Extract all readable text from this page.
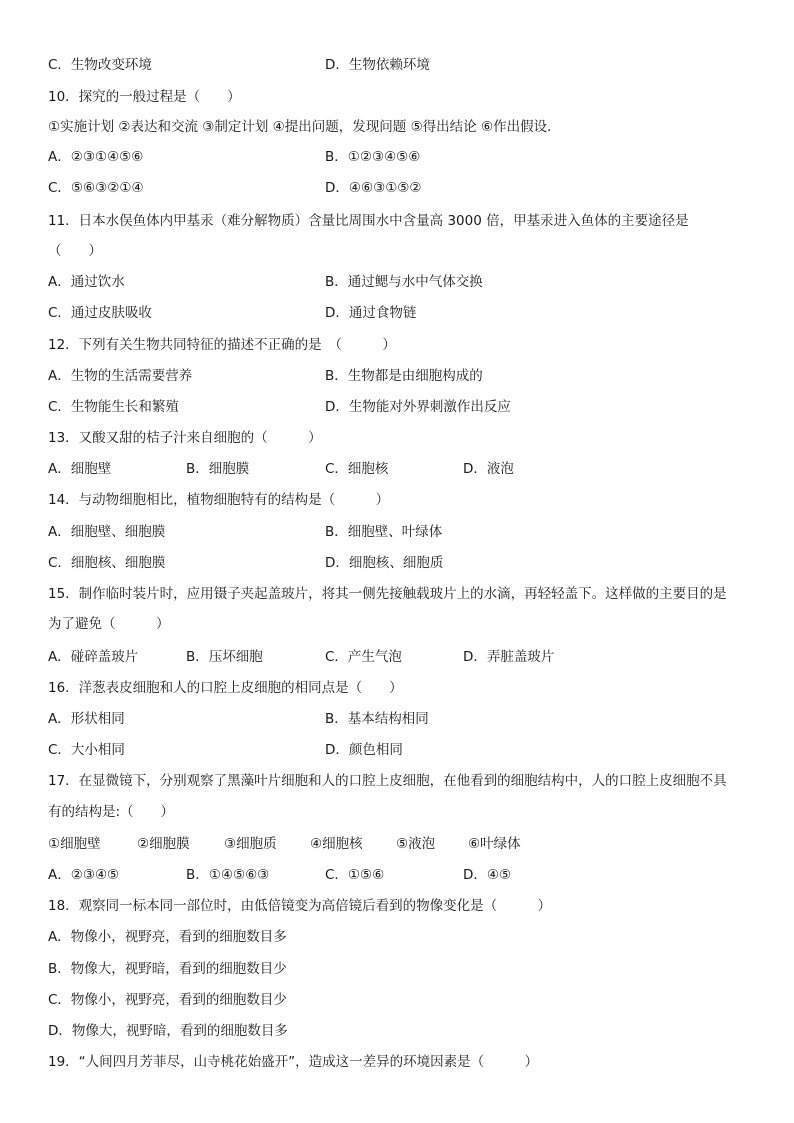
C．生物改变环境	D．生物依赖环境
10．探究的一般过程是（　　）
①实施计划 ②表达和交流 ③制定计划 ④提出问题，发现问题 ⑤得出结论 ⑥作出假设．
A．②③①④⑤⑥	B．①②③④⑤⑥
C．⑤⑥③②①④	D．④⑥③①⑤②
11．日本水俣鱼体内甲基汞（难分解物质）含量比周围水中含量高 3000 倍，甲基汞进入鱼体的主要途径是
（　　）
A．通过饮水	B．通过鳃与水中气体交换
C．通过皮肤吸收	D．通过食物链
12．下列有关生物共同特征的描述不正确的是　（　　　）
A．生物的生活需要营养	B．生物都是由细胞构成的
C．生物能生长和繁殖	D．生物能对外界刺激作出反应
13．又酸又甜的桔子汁来自细胞的（　　　）
A．细胞壁	B．细胞膜	C．细胞核	D．液泡
14．与动物细胞相比，植物细胞特有的结构是（　　　）
A．细胞壁、细胞膜	B．细胞壁、叶绿体
C．细胞核、细胞膜	D．细胞核、细胞质
15．制作临时装片时，应用镊子夹起盖玻片，将其一侧先接触载玻片上的水滴，再轻轻盖下。这样做的主要目的是
为了避免（　　　）
A．碰碎盖玻片	B．压坏细胞	C．产生气泡	D．弄脏盖玻片
16．洋葱表皮细胞和人的口腔上皮细胞的相同点是（　　）
A．形状相同	B．基本结构相同
C．大小相同	D．颜色相同
17．在显微镜下，分别观察了黑藻叶片细胞和人的口腔上皮细胞，在他看到的细胞结构中，人的口腔上皮细胞不具
有的结构是:（　　）
①细胞壁	②细胞膜	③细胞质 ④细胞核 ⑤液泡 ⑥叶绿体
A．②③④⑤	B．①④⑤⑥③	C．①⑤⑥	D．④⑤
18．观察同一标本同一部位时，由低倍镜变为高倍镜后看到的物像变化是（　　　）
A．物像小，视野亮，看到的细胞数目多
B．物像大，视野暗，看到的细胞数目少
C．物像小，视野亮，看到的细胞数目少
D．物像大，视野暗，看到的细胞数目多
19．“人间四月芳菲尽，山寺桃花始盛开”，造成这一差异的环境因素是（　　　）
